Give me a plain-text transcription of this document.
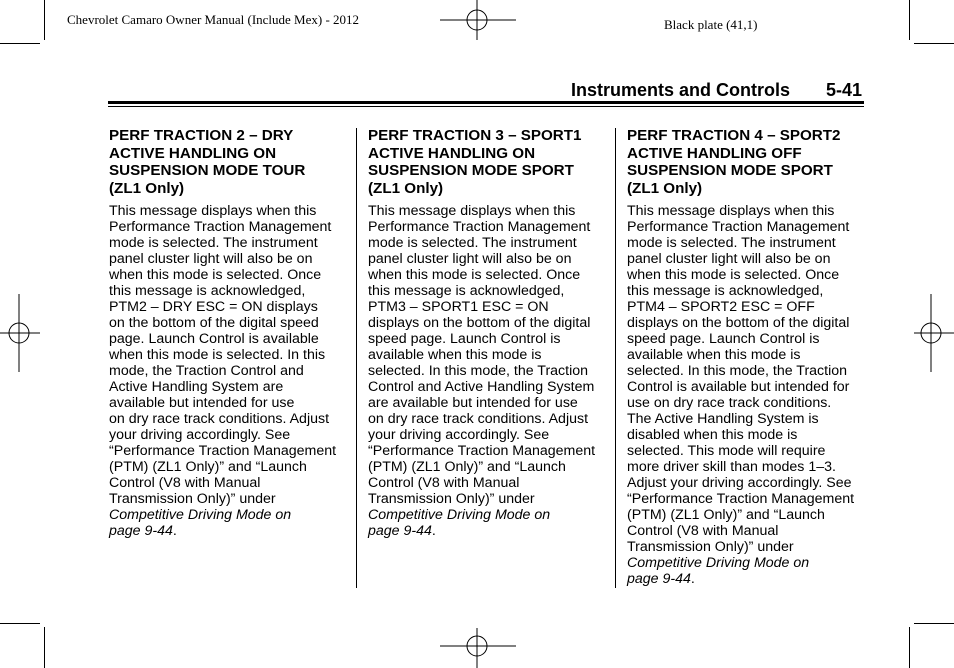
Chevrolet Camaro Owner Manual (Include Mex) - 2012	Black plate (41,1)
Instruments and Controls 5-41
PERF TRACTION 2 – DRY
ACTIVE HANDLING ON
SUSPENSION MODE TOUR
(ZL1 Only)
This message displays when this
Performance Traction Management
mode is selected. The instrument
panel cluster light will also be on
when this mode is selected. Once
this message is acknowledged,
PTM2 – DRY ESC = ON displays
on the bottom of the digital speed
page. Launch Control is available
when this mode is selected. In this
mode, the Traction Control and
Active Handling System are
available but intended for use
on dry race track conditions. Adjust
your driving accordingly. See
“Performance Traction Management
(PTM) (ZL1 Only)” and “Launch
Control (V8 with Manual
Transmission Only)” under
Competitive Driving Mode on
page 9-44.
PERF TRACTION 3 – SPORT1
ACTIVE HANDLING ON
SUSPENSION MODE SPORT
(ZL1 Only)
This message displays when this
Performance Traction Management
mode is selected. The instrument
panel cluster light will also be on
when this mode is selected. Once
this message is acknowledged,
PTM3 – SPORT1 ESC = ON
displays on the bottom of the digital
speed page. Launch Control is
available when this mode is
selected. In this mode, the Traction
Control and Active Handling System
are available but intended for use
on dry race track conditions. Adjust
your driving accordingly. See
“Performance Traction Management
(PTM) (ZL1 Only)” and “Launch
Control (V8 with Manual
Transmission Only)” under
Competitive Driving Mode on
page 9-44.
PERF TRACTION 4 – SPORT2
ACTIVE HANDLING OFF
SUSPENSION MODE SPORT
(ZL1 Only)
This message displays when this
Performance Traction Management
mode is selected. The instrument
panel cluster light will also be on
when this mode is selected. Once
this message is acknowledged,
PTM4 – SPORT2 ESC = OFF
displays on the bottom of the digital
speed page. Launch Control is
available when this mode is
selected. In this mode, the Traction
Control is available but intended for
use on dry race track conditions.
The Active Handling System is
disabled when this mode is
selected. This mode will require
more driver skill than modes 1–3.
Adjust your driving accordingly. See
“Performance Traction Management
(PTM) (ZL1 Only)” and “Launch
Control (V8 with Manual
Transmission Only)” under
Competitive Driving Mode on
page 9-44.
